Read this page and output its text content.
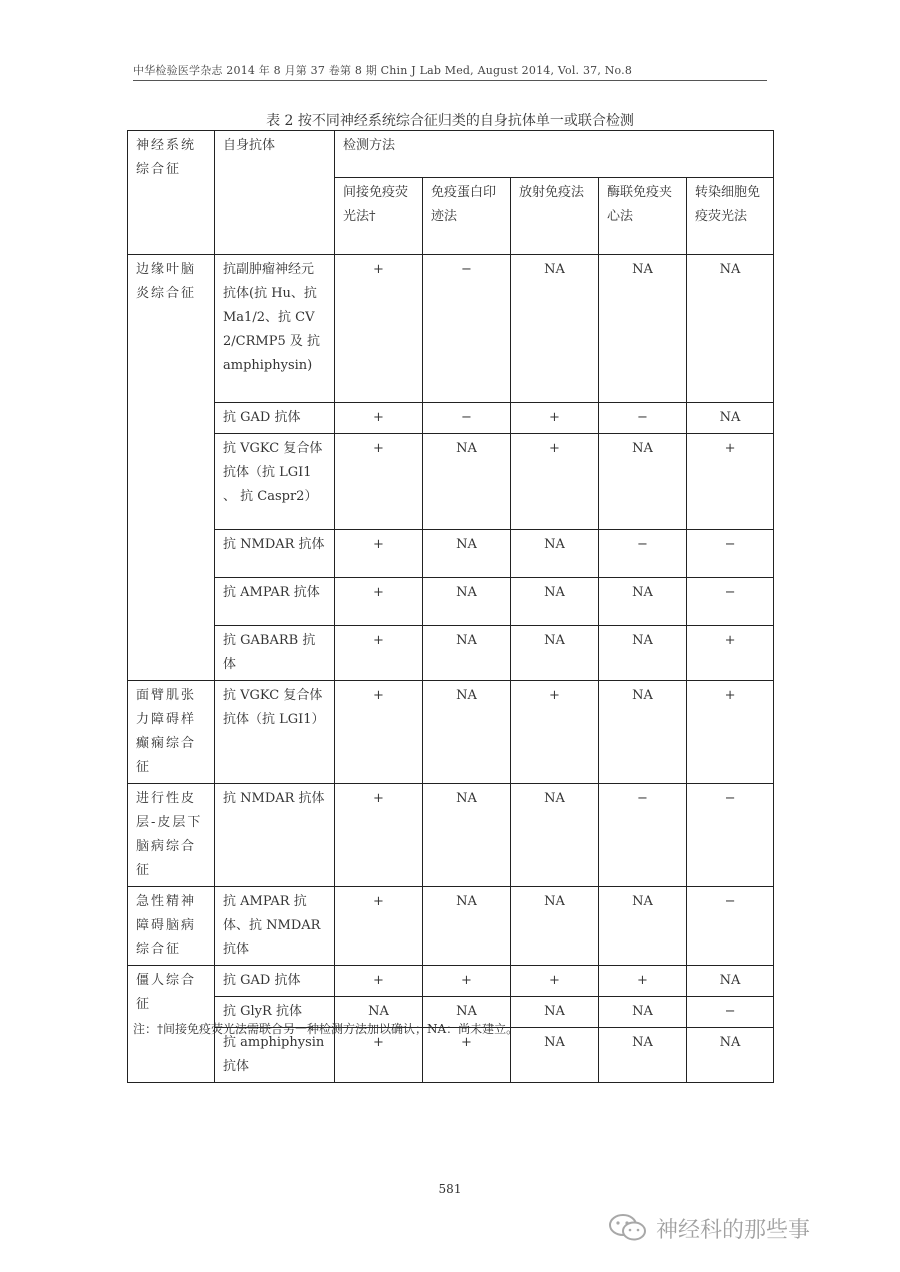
中华检验医学杂志 2014 年 8 月第 37 卷第 8 期 Chin J Lab Med, August 2014, Vol. 37, No.8
表 2 按不同神经系统综合征归类的自身抗体单一或联合检测
神经系统综合征	自身抗体	检测方法				
		间接免疫荧光法†	免疫蛋白印迹法	放射免疫法	酶联免疫夹心法	转染细胞免疫荧光法
边缘叶脑炎综合征	抗副肿瘤神经元抗体(抗 Hu、抗 Ma1/2、抗 CV2/CRMP5 及 抗 amphiphysin)	+	−	NA	NA	NA
	抗 GAD 抗体	+	−	+	−	NA
	抗 VGKC 复合体抗体（抗 LGI1 、 抗 Caspr2）	+	NA	+	NA	+
	抗 NMDAR 抗体	+	NA	NA	−	−
	抗 AMPAR 抗体	+	NA	NA	NA	−
	抗 GABARB 抗体	+	NA	NA	NA	+
面臂肌张力障碍样癫痫综合征	抗 VGKC 复合体抗体（抗 LGI1）	+	NA	+	NA	+
进行性皮层-皮层下脑病综合征	抗 NMDAR 抗体	+	NA	NA	−	−
急性精神障碍脑病综合征	抗 AMPAR 抗体、抗 NMDAR 抗体	+	NA	NA	NA	−
僵人综合征	抗 GAD 抗体	+	+	+	+	NA
	抗 GlyR 抗体	NA	NA	NA	NA	−
	抗 amphiphysin 抗体	+	+	NA	NA	NA
注：†间接免疫荧光法需联合另一种检测方法加以确认；NA：尚未建立。
581
神经科的那些事
